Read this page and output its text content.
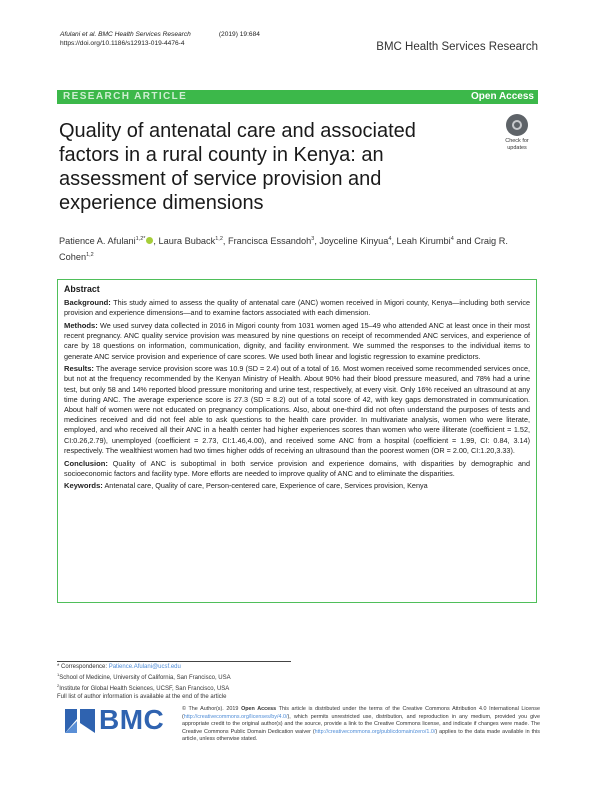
Afulani et al. BMC Health Services Research	(2019) 19:684
https://doi.org/10.1186/s12913-019-4476-4	BMC Health Services Research
RESEARCH ARTICLE	Open Access
Quality of antenatal care and associated factors in a rural county in Kenya: an assessment of service provision and experience dimensions
Check for updates
Patience A. Afulani$^{1,2*}$ , Laura Buback$^{1,2}$, Francisca Essandoh$^3$, Joyceline Kinyua$^4$, Leah Kirumbi$^4$ and Craig R. Cohen$^{1,2}$
Abstract

Background: This study aimed to assess the quality of antenatal care (ANC) women received in Migori county, Kenya—including both service provision and experience dimensions—and to examine factors associated with each dimension.

Methods: We used survey data collected in 2016 in Migori county from 1031 women aged 15–49 who attended ANC at least once in their most recent pregnancy. ANC quality service provision was measured by nine questions on receipt of recommended ANC services, and experience of care by 18 questions on information, communication, dignity, and facility environment. We summed the responses to the individual items to generate ANC service provision and experience of care scores. We used both linear and logistic regression to examine predictors.

Results: The average service provision score was 10.9 (SD = 2.4) out of a total of 16. Most women received some recommended services once, but not at the frequency recommended by the Kenyan Ministry of Health. About 90% had their blood pressure measured, and 78% had a urine test, but only 58 and 14% reported blood pressure monitoring and urine test, respectively, at every visit. Only 16% received an ultrasound at any time during ANC. The average experience score is 27.3 (SD = 8.2) out of a total score of 42, with key gaps demonstrated in communication. About half of women were not educated on pregnancy complications. Also, about one-third did not often understand the purposes of tests and medicines received and did not feel able to ask questions to the health care provider. In multivariate analysis, women who were literate, employed, and who received all their ANC in a health center had higher experiences scores than women who were illiterate (coefficient = 1.52, CI:0.26,2.79), unemployed (coefficient = 2.73, CI:1.46,4.00), and received some ANC from a hospital (coefficient = 1.99, CI: 0.84, 3.14) respectively. The wealthiest women had two times higher odds of receiving an ultrasound than the poorest women (OR = 2.00, CI:1.20,3.33).

Conclusion: Quality of ANC is suboptimal in both service provision and experience domains, with disparities by demographic and socioeconomic factors and facility type. More efforts are needed to improve quality of ANC and to eliminate the disparities.

Keywords: Antenatal care, Quality of care, Person-centered care, Experience of care, Services provision, Kenya

* Correspondence: Patience.Afulani@ucsf.edu
$^1$School of Medicine, University of California, San Francisco, USA
$^2$Institute for Global Health Sciences, UCSF, San Francisco, USA
Full list of author information is available at the end of the article
BMC	© The Author(s). 2019 Open Access This article is distributed under the terms of the Creative Commons Attribution 4.0 International License (http://creativecommons.org/licenses/by/4.0/), which permits unrestricted use, distribution, and reproduction in any medium, provided you give appropriate credit to the original author(s) and the source, provide a link to the Creative Commons license, and indicate if changes were made. The Creative Commons Public Domain Dedication waiver (http://creativecommons.org/publicdomain/zero/1.0/) applies to the data made available in this article, unless otherwise stated.
